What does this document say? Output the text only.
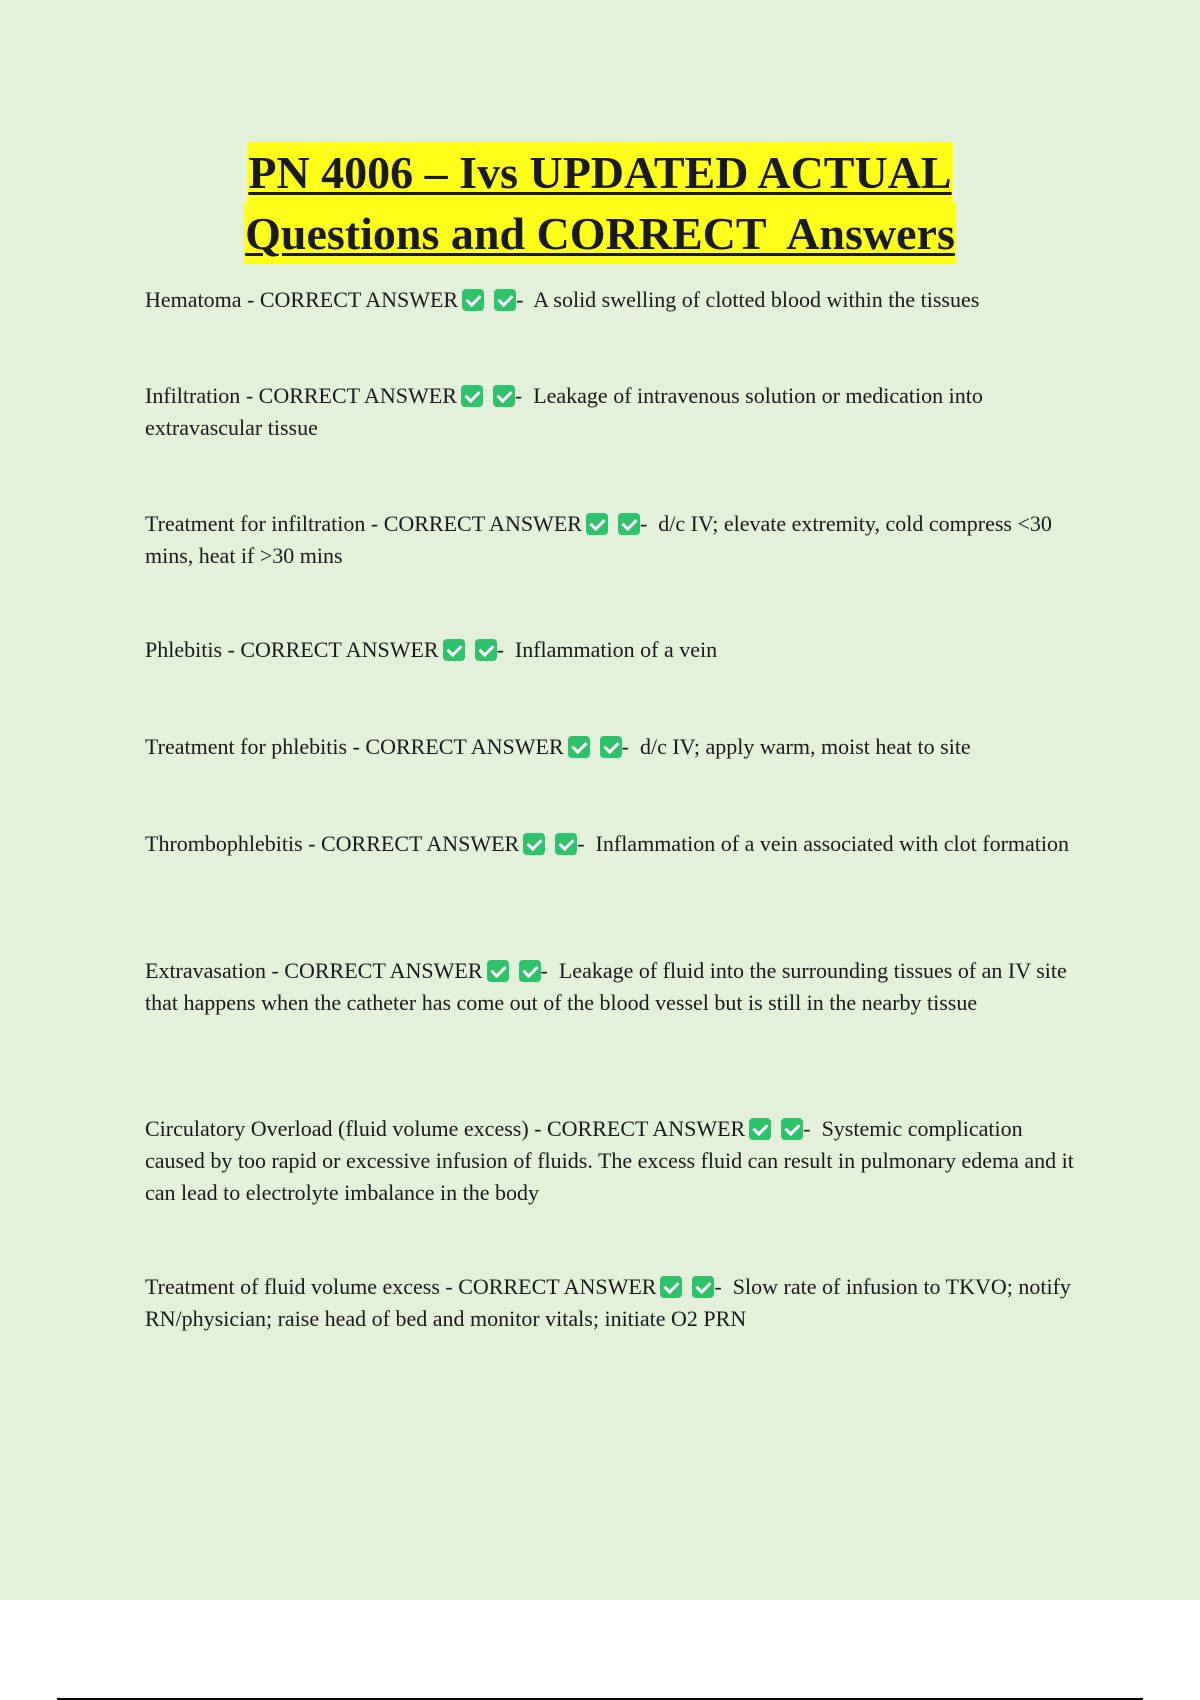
PN 4006 – Ivs UPDATED ACTUAL
Questions and CORRECT  Answers

Hematoma - CORRECT ANSWER	-  A solid swelling of clotted blood within the tissues

Infiltration - CORRECT ANSWER	-  Leakage of intravenous solution or medication into extravascular tissue

Treatment for infiltration - CORRECT ANSWER	-  d/c IV; elevate extremity, cold compress <30 mins, heat if >30 mins

Phlebitis - CORRECT ANSWER	-  Inflammation of a vein

Treatment for phlebitis - CORRECT ANSWER	-  d/c IV; apply warm, moist heat to site

Thrombophlebitis - CORRECT ANSWER	-  Inflammation of a vein associated with clot formation

Extravasation - CORRECT ANSWER	-  Leakage of fluid into the surrounding tissues of an IV site that happens when the catheter has come out of the blood vessel but is still in the nearby tissue

Circulatory Overload (fluid volume excess) - CORRECT ANSWER	-  Systemic complication caused by too rapid or excessive infusion of fluids. The excess fluid can result in pulmonary edema and it can lead to electrolyte imbalance in the body

Treatment of fluid volume excess - CORRECT ANSWER	-  Slow rate of infusion to TKVO; notify RN/physician; raise head of bed and monitor vitals; initiate O2 PRN
